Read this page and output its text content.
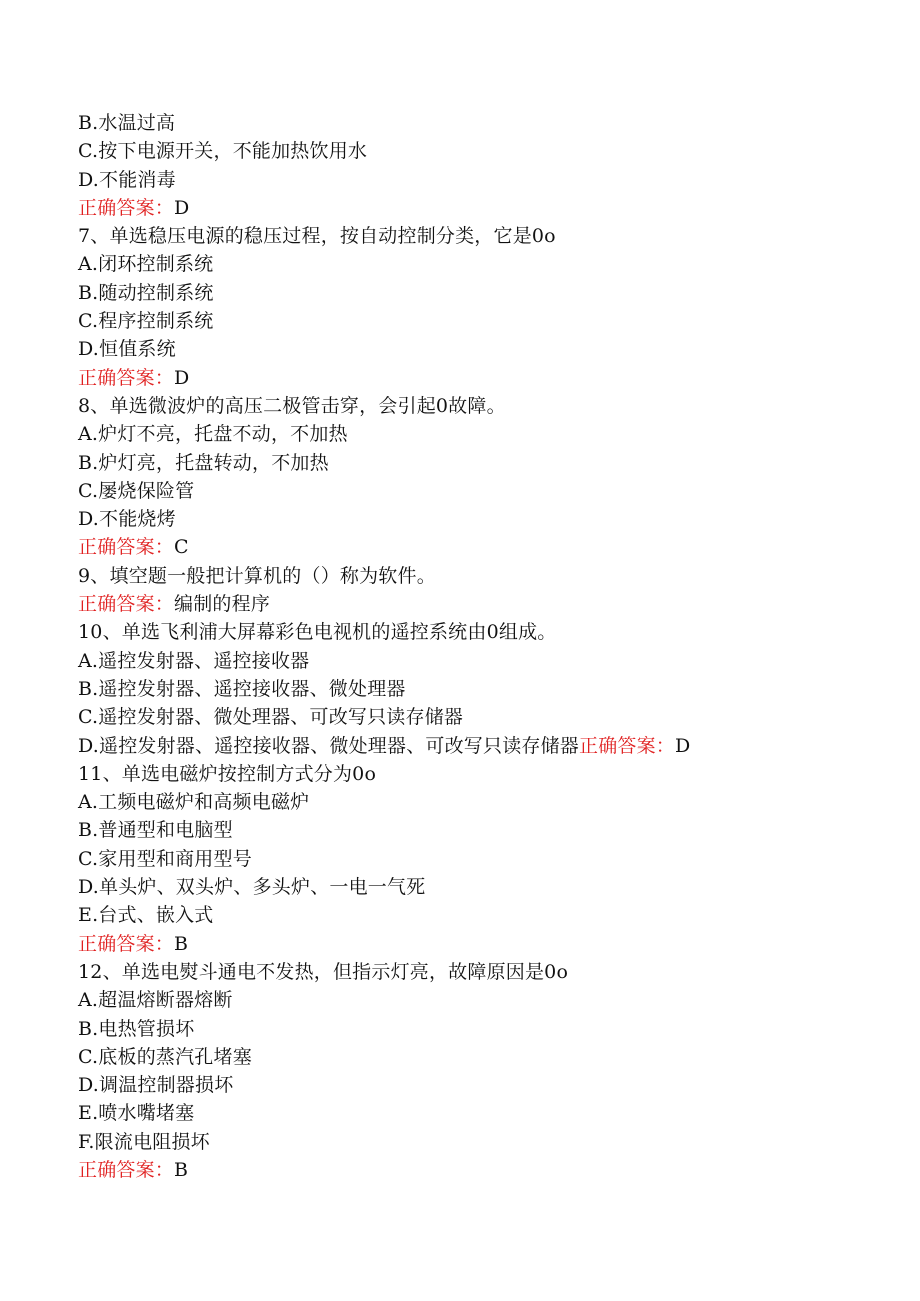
B.水温过高
C.按下电源开关，不能加热饮用水
D.不能消毒
正确答案：D
7、单选稳压电源的稳压过程，按自动控制分类，它是0o
A.闭环控制系统
B.随动控制系统
C.程序控制系统
D.恒值系统
正确答案：D
8、单选微波炉的高压二极管击穿，会引起0故障。
A.炉灯不亮，托盘不动，不加热
B.炉灯亮，托盘转动，不加热
C.屡烧保险管
D.不能烧烤
正确答案：C
9、填空题一般把计算机的（）称为软件。
正确答案：编制的程序
10、单选飞利浦大屏幕彩色电视机的遥控系统由0组成。
A.遥控发射器、遥控接收器
B.遥控发射器、遥控接收器、微处理器
C.遥控发射器、微处理器、可改写只读存储器
D.遥控发射器、遥控接收器、微处理器、可改写只读存储器正确答案：D
11、单选电磁炉按控制方式分为0o
A.工频电磁炉和高频电磁炉
B.普通型和电脑型
C.家用型和商用型号
D.单头炉、双头炉、多头炉、一电一气死
E.台式、嵌入式
正确答案：B
12、单选电熨斗通电不发热，但指示灯亮，故障原因是0o
A.超温熔断器熔断
B.电热管损坏
C.底板的蒸汽孔堵塞
D.调温控制器损坏
E.喷水嘴堵塞
F.限流电阻损坏
正确答案：B
